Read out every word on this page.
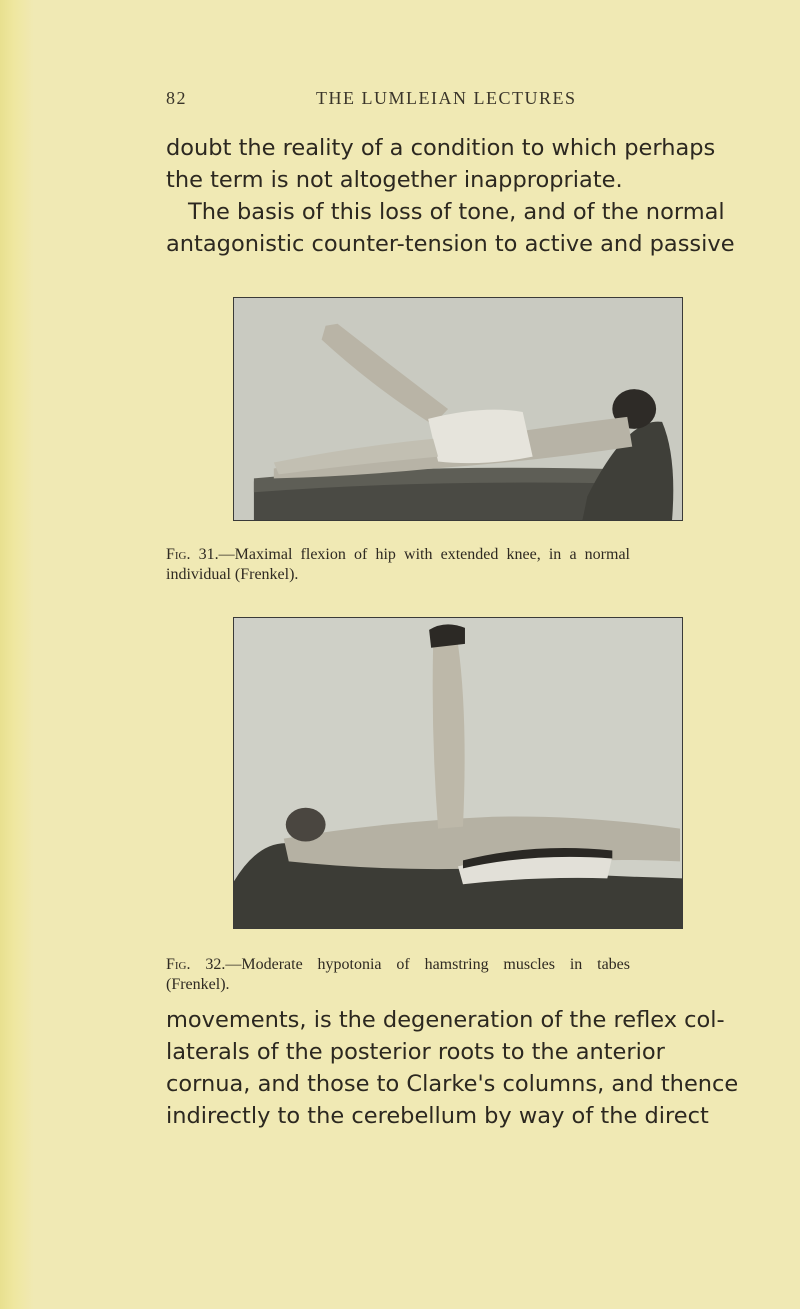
82	THE LUMLEIAN LECTURES
doubt the reality of a condition to which perhaps
the term is not altogether inappropriate.
The basis of this loss of tone, and of the normal
antagonistic counter-tension to active and passive
Fig. 31.—Maximal flexion of hip with extended knee, in a normal
individual (Frenkel).
Fig. 32.—Moderate hypotonia of hamstring muscles in tabes
(Frenkel).
movements, is the degeneration of the reflex col-
laterals of the posterior roots to the anterior
cornua, and those to Clarke's columns, and thence
indirectly to the cerebellum by way of the direct
